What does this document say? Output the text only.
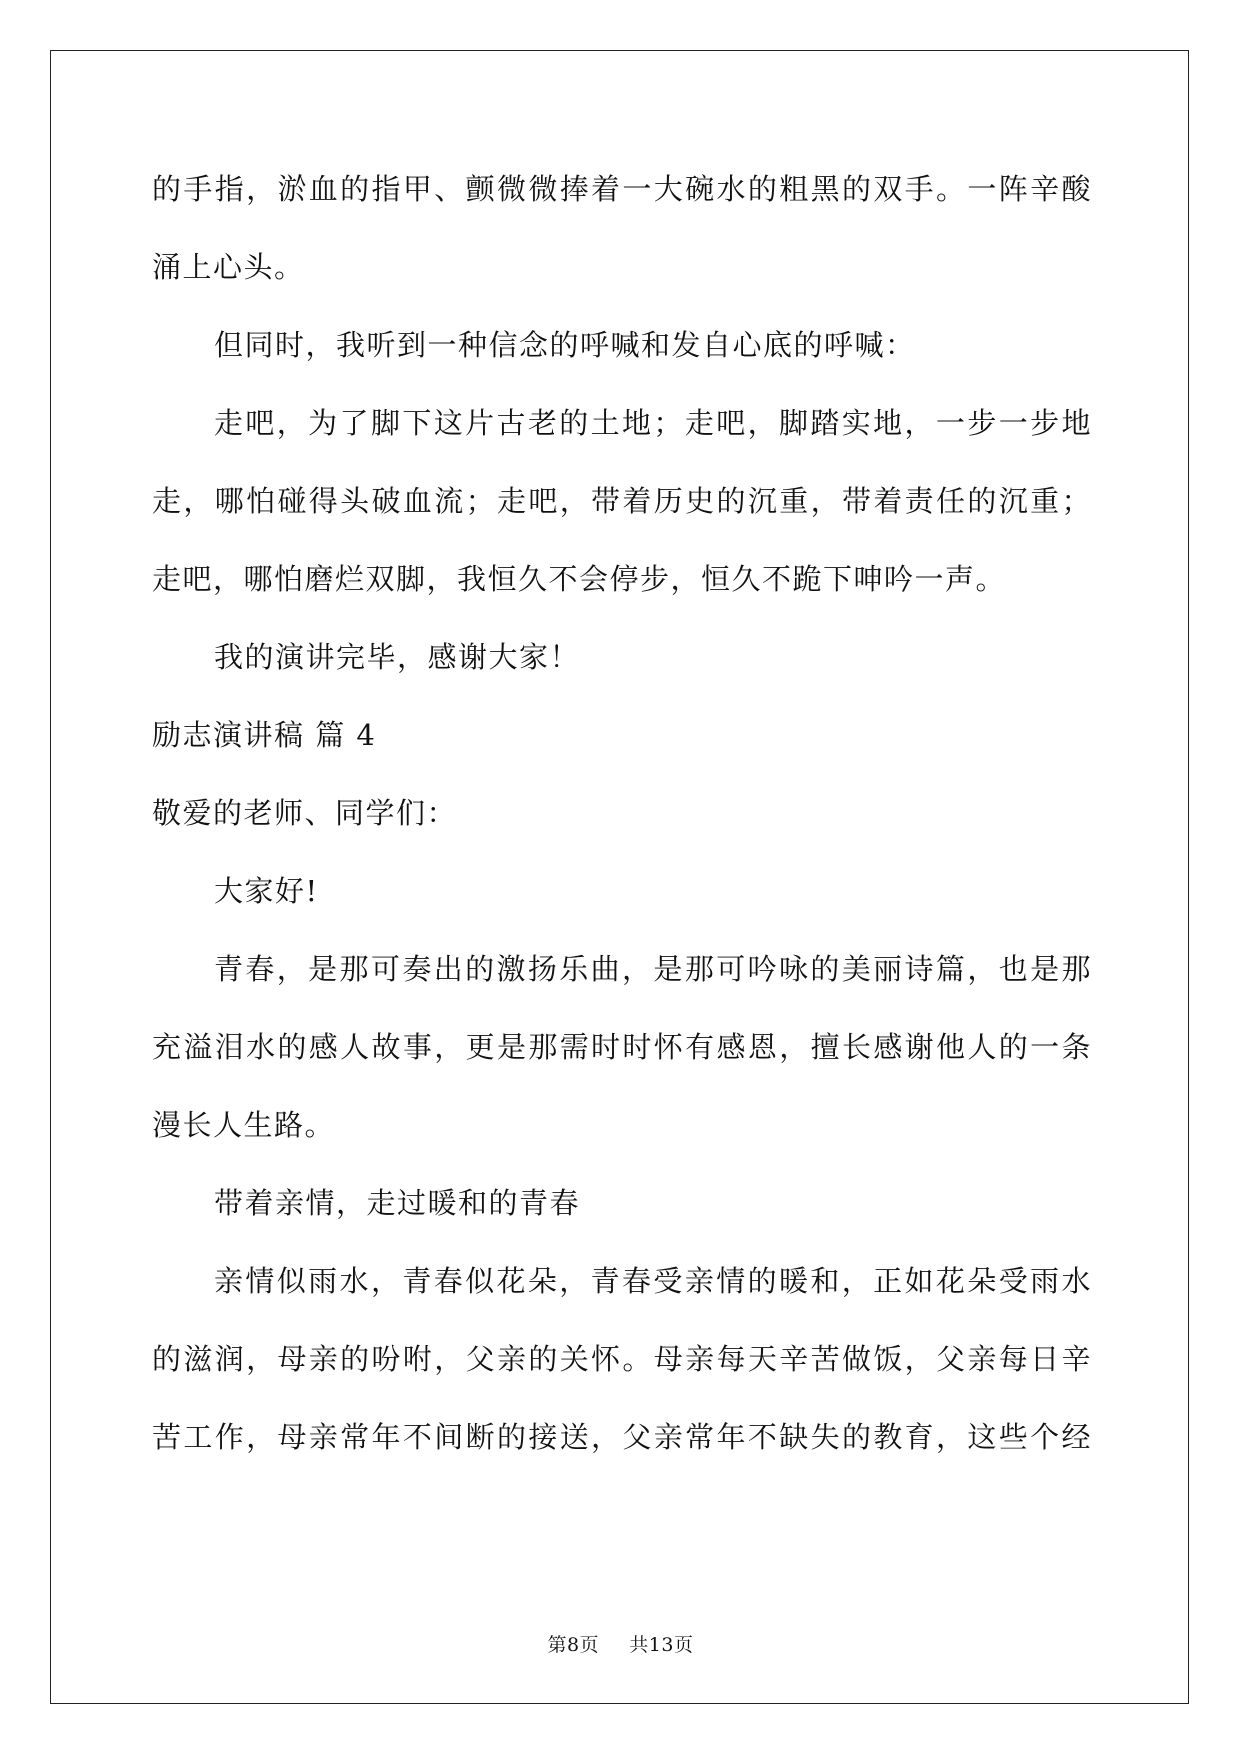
的手指，淤血的指甲、颤微微捧着一大碗水的粗黑的双手。一阵辛酸
涌上心头。
但同时，我听到一种信念的呼喊和发自心底的呼喊：
走吧，为了脚下这片古老的土地；走吧，脚踏实地，一步一步地
走，哪怕碰得头破血流；走吧，带着历史的沉重，带着责任的沉重；
走吧，哪怕磨烂双脚，我恒久不会停步，恒久不跪下呻吟一声。
我的演讲完毕，感谢大家！
励志演讲稿 篇 4
敬爱的老师、同学们：
大家好!
青春，是那可奏出的激扬乐曲，是那可吟咏的美丽诗篇，也是那
充溢泪水的感人故事，更是那需时时怀有感恩，擅长感谢他人的一条
漫长人生路。
带着亲情，走过暖和的青春
亲情似雨水，青春似花朵，青春受亲情的暖和，正如花朵受雨水
的滋润，母亲的吩咐，父亲的关怀。母亲每天辛苦做饭，父亲每日辛
苦工作，母亲常年不间断的接送，父亲常年不缺失的教育，这些个经
第8页 共13页
